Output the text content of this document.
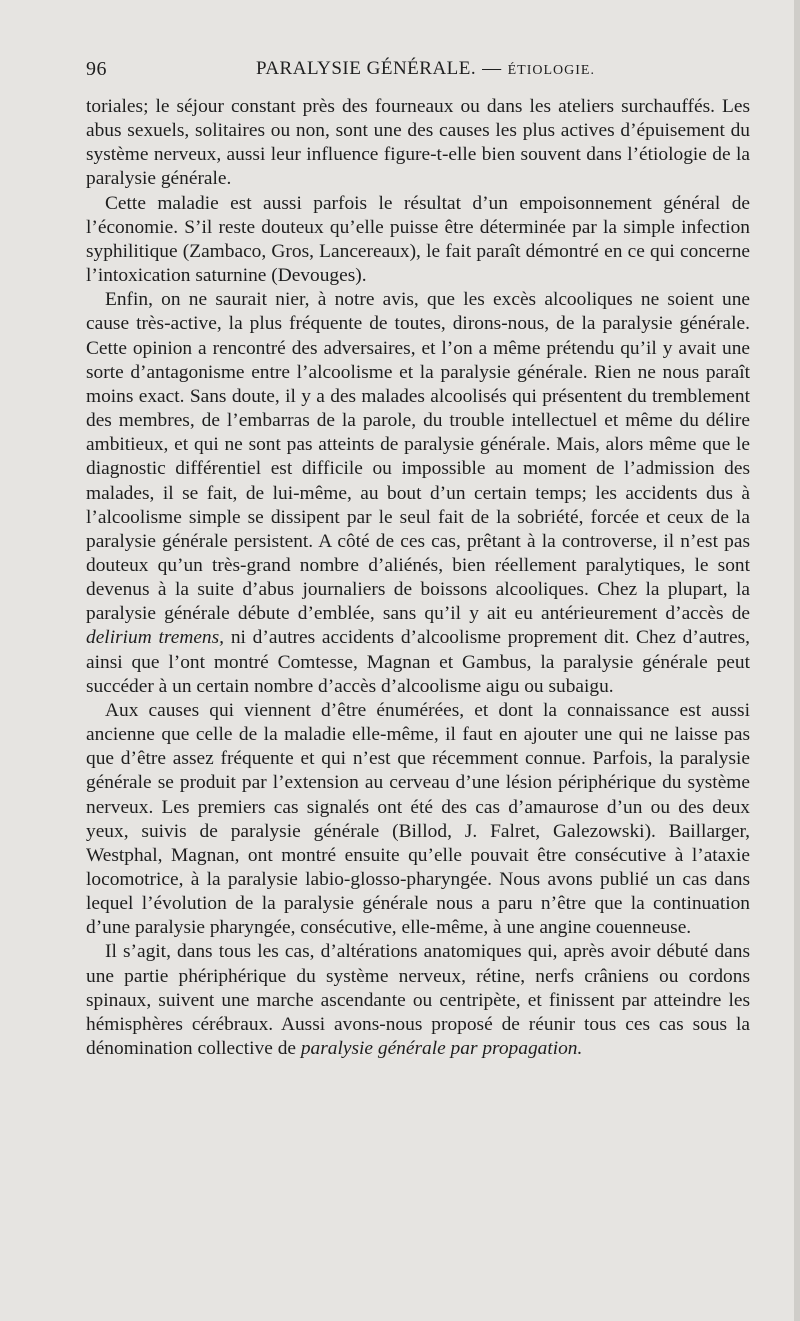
96	PARALYSIE GÉNÉRALE. — ÉTIOLOGIE.

toriales; le séjour constant près des fourneaux ou dans les ateliers surchauffés. Les abus sexuels, solitaires ou non, sont une des causes les plus actives d’épuisement du système nerveux, aussi leur influence figure-t-elle bien souvent dans l’étiologie de la paralysie générale.

Cette maladie est aussi parfois le résultat d’un empoisonnement général de l’économie. S’il reste douteux qu’elle puisse être déterminée par la simple infection syphilitique (Zambaco, Gros, Lancereaux), le fait paraît démontré en ce qui concerne l’intoxication saturnine (Devouges).

Enfin, on ne saurait nier, à notre avis, que les excès alcooliques ne soient une cause très-active, la plus fréquente de toutes, dirons-nous, de la paralysie générale. Cette opinion a rencontré des adversaires, et l’on a même prétendu qu’il y avait une sorte d’antagonisme entre l’alcoolisme et la paralysie générale. Rien ne nous paraît moins exact. Sans doute, il y a des malades alcoolisés qui présentent du tremblement des membres, de l’embarras de la parole, du trouble intellectuel et même du délire ambitieux, et qui ne sont pas atteints de paralysie générale. Mais, alors même que le diagnostic différentiel est difficile ou impossible au moment de l’admission des malades, il se fait, de lui-même, au bout d’un certain temps; les accidents dus à l’alcoolisme simple se dissipent par le seul fait de la sobriété, forcée et ceux de la paralysie générale persistent. A côté de ces cas, prêtant à la controverse, il n’est pas douteux qu’un très-grand nombre d’aliénés, bien réellement paralytiques, le sont devenus à la suite d’abus journaliers de boissons alcooliques. Chez la plupart, la paralysie générale débute d’emblée, sans qu’il y ait eu antérieurement d’accès de delirium tremens, ni d’autres accidents d’alcoolisme proprement dit. Chez d’autres, ainsi que l’ont montré Comtesse, Magnan et Gambus, la paralysie générale peut succéder à un certain nombre d’accès d’alcoolisme aigu ou subaigu.

Aux causes qui viennent d’être énumérées, et dont la connaissance est aussi ancienne que celle de la maladie elle-même, il faut en ajouter une qui ne laisse pas que d’être assez fréquente et qui n’est que récemment connue. Parfois, la paralysie générale se produit par l’extension au cerveau d’une lésion périphérique du système nerveux. Les premiers cas signalés ont été des cas d’amaurose d’un ou des deux yeux, suivis de paralysie générale (Billod, J. Falret, Galezowski). Baillarger, Westphal, Magnan, ont montré ensuite qu’elle pouvait être consécutive à l’ataxie locomotrice, à la paralysie labio-glosso-pharyngée. Nous avons publié un cas dans lequel l’évolution de la paralysie générale nous a paru n’être que la continuation d’une paralysie pharyngée, consécutive, elle-même, à une angine couenneuse.

Il s’agit, dans tous les cas, d’altérations anatomiques qui, après avoir débuté dans une partie phériphérique du système nerveux, rétine, nerfs crâniens ou cordons spinaux, suivent une marche ascendante ou centripète, et finissent par atteindre les hémisphères cérébraux. Aussi avons-nous proposé de réunir tous ces cas sous la dénomination collective de paralysie générale par propagation.
